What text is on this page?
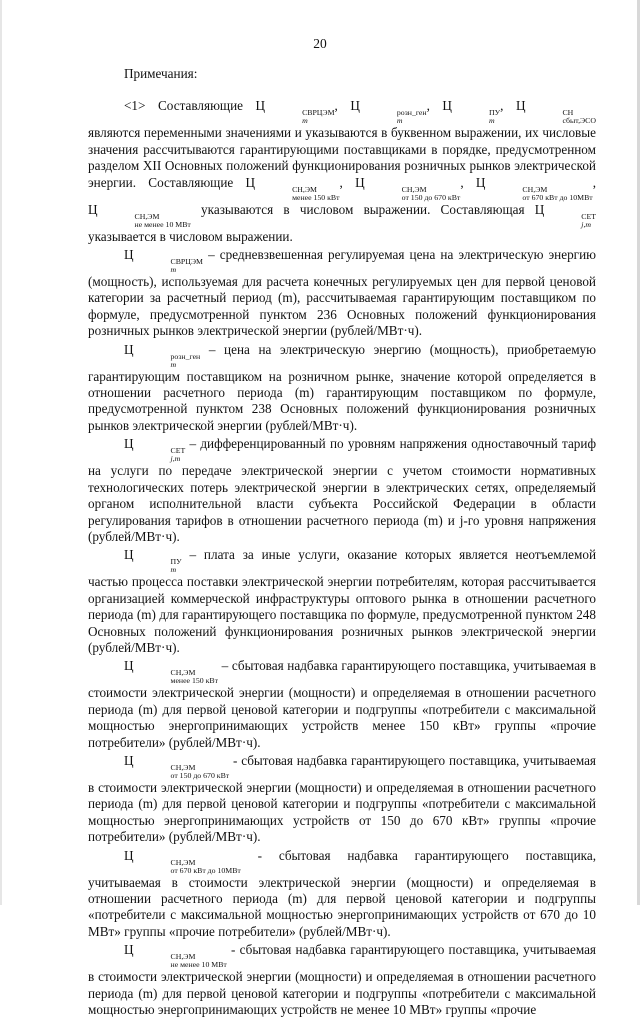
20

Примечания:

<1> Составляющие Ц	СВРЦЭМ
m
, Ц	розн_ген
m
, Ц	ПУ
m
, Ц	СН
сбыт,ЭСО
являются переменными значениями и указываются в буквенном выражении, их числовые значения рассчитываются гарантирующими поставщиками в порядке, предусмотренном разделом XII Основных положений функционирования розничных рынков электрической энергии. Составляющие Ц	СН,ЭМ
менее 150 кВт
, Ц	СН,ЭМ
от 150 до 670 кВт
, Ц	СН,ЭМ
от 670 кВт до 10МВт
, Ц	СН,ЭМ
не менее 10 МВт
указываются в числовом выражении. Составляющая Ц	СЕТ
j,m
указывается в числовом выражении.

Ц	СВРЦЭМ
m
– средневзвешенная регулируемая цена на электрическую энергию (мощность), используемая для расчета конечных регулируемых цен для первой ценовой категории за расчетный период (m), рассчитываемая гарантирующим поставщиком по формуле, предусмотренной пунктом 236 Основных положений функционирования розничных рынков электрической энергии (рублей/МВт·ч).

Ц	розн_ген
m
– цена на электрическую энергию (мощность), приобретаемую гарантирующим поставщиком на розничном рынке, значение которой определяется в отношении расчетного периода (m) гарантирующим поставщиком по формуле, предусмотренной пунктом 238 Основных положений функционирования розничных рынков электрической энергии (рублей/МВт·ч).

Ц	СЕТ
j,m
– дифференцированный по уровням напряжения одноставочный тариф на услуги по передаче электрической энергии с учетом стоимости нормативных технологических потерь электрической энергии в электрических сетях, определяемый органом исполнительной власти субъекта Российской Федерации в области регулирования тарифов в отношении расчетного периода (m) и j-го уровня напряжения (рублей/МВт·ч).

Ц	ПУ
m
– плата за иные услуги, оказание которых является неотъемлемой частью процесса поставки электрической энергии потребителям, которая рассчитывается организацией коммерческой инфраструктуры оптового рынка в отношении расчетного периода (m) для гарантирующего поставщика по формуле, предусмотренной пунктом 248 Основных положений функционирования розничных рынков электрической энергии (рублей/МВт·ч).

Ц	СН,ЭМ
менее 150 кВт
– сбытовая надбавка гарантирующего поставщика, учитываемая в стоимости электрической энергии (мощности) и определяемая в отношении расчетного периода (m) для первой ценовой категории и подгруппы «потребители с максимальной мощностью энергопринимающих устройств менее 150 кВт» группы «прочие потребители» (рублей/МВт·ч).

Ц	СН,ЭМ
от 150 до 670 кВт
- сбытовая надбавка гарантирующего поставщика, учитываемая в стоимости электрической энергии (мощности) и определяемая в отношении расчетного периода (m) для первой ценовой категории и подгруппы «потребители с максимальной мощностью энергопринимающих устройств от 150 до 670 кВт» группы «прочие потребители» (рублей/МВт·ч).

Ц	СН,ЭМ
от 670 кВт до 10МВт
- сбытовая надбавка гарантирующего поставщика, учитываемая в стоимости электрической энергии (мощности) и определяемая в отношении расчетного периода (m) для первой ценовой категории и подгруппы «потребители с максимальной мощностью энергопринимающих устройств от 670 до 10 МВт» группы «прочие потребители» (рублей/МВт·ч).

Ц	СН,ЭМ
не менее 10 МВт
- сбытовая надбавка гарантирующего поставщика, учитываемая в стоимости электрической энергии (мощности) и определяемая в отношении расчетного периода (m) для первой ценовой категории и подгруппы «потребители с максимальной мощностью энергопринимающих устройств не менее 10 МВт» группы «прочие
